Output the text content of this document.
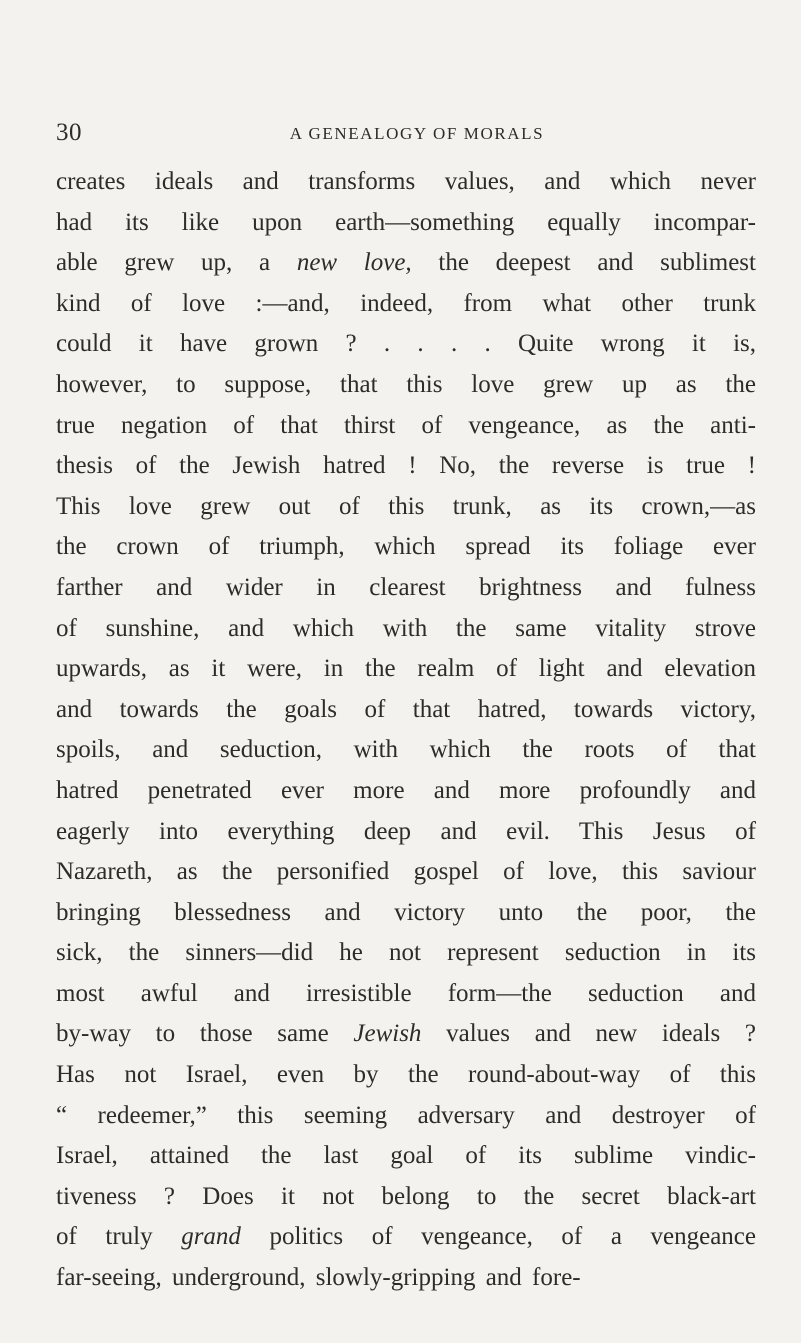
30	A GENEALOGY OF MORALS
creates ideals and transforms values, and which never
had its like upon earth—something equally incompar-
able grew up, a new love, the deepest and sublimest
kind of love :—and, indeed, from what other trunk
could it have grown ? . . . . Quite wrong it is,
however, to suppose, that this love grew up as the
true negation of that thirst of vengeance, as the anti-
thesis of the Jewish hatred ! No, the reverse is true !
This love grew out of this trunk, as its crown,—as
the crown of triumph, which spread its foliage ever
farther and wider in clearest brightness and fulness
of sunshine, and which with the same vitality strove
upwards, as it were, in the realm of light and elevation
and towards the goals of that hatred, towards victory,
spoils, and seduction, with which the roots of that
hatred penetrated ever more and more profoundly and
eagerly into everything deep and evil. This Jesus of
Nazareth, as the personified gospel of love, this saviour
bringing blessedness and victory unto the poor, the
sick, the sinners—did he not represent seduction in its
most awful and irresistible form—the seduction and
by-way to those same Jewish values and new ideals ?
Has not Israel, even by the round-about-way of this
“ redeemer,” this seeming adversary and destroyer of
Israel, attained the last goal of its sublime vindic-
tiveness ? Does it not belong to the secret black-art
of truly grand politics of vengeance, of a vengeance
far-seeing, underground, slowly-gripping and fore-
